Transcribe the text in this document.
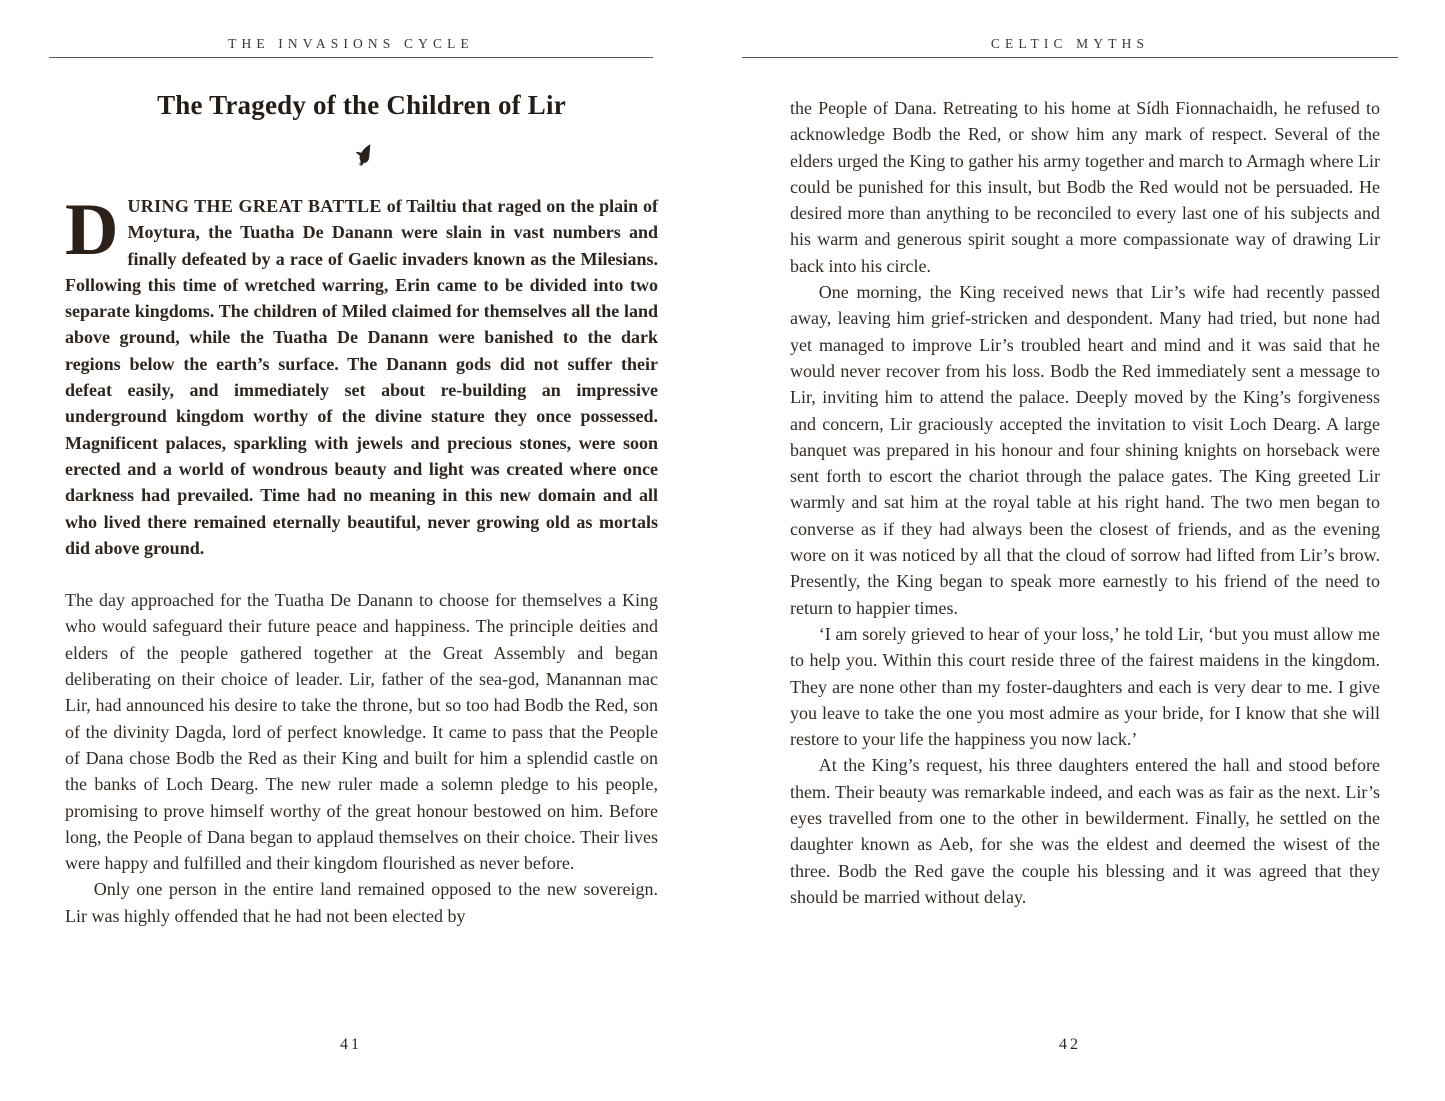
THE INVASIONS CYCLE
The Tragedy of the Children of Lir

DURING THE GREAT BATTLE of Tailtiu that raged on the plain of Moytura, the Tuatha De Danann were slain in vast numbers and finally defeated by a race of Gaelic invaders known as the Milesians. Following this time of wretched warring, Erin came to be divided into two separate kingdoms. The children of Miled claimed for themselves all the land above ground, while the Tuatha De Danann were banished to the dark regions below the earth’s surface. The Danann gods did not suffer their defeat easily, and immediately set about re-building an impressive underground kingdom worthy of the divine stature they once possessed. Magnificent palaces, sparkling with jewels and precious stones, were soon erected and a world of wondrous beauty and light was created where once darkness had prevailed. Time had no meaning in this new domain and all who lived there remained eternally beautiful, never growing old as mortals did above ground.

The day approached for the Tuatha De Danann to choose for themselves a King who would safeguard their future peace and happiness. The principle deities and elders of the people gathered together at the Great Assembly and began deliberating on their choice of leader. Lir, father of the sea-god, Manannan mac Lir, had announced his desire to take the throne, but so too had Bodb the Red, son of the divinity Dagda, lord of perfect knowledge. It came to pass that the People of Dana chose Bodb the Red as their King and built for him a splendid castle on the banks of Loch Dearg. The new ruler made a solemn pledge to his people, promising to prove himself worthy of the great honour bestowed on him. Before long, the People of Dana began to applaud themselves on their choice. Their lives were happy and fulfilled and their kingdom flourished as never before.

Only one person in the entire land remained opposed to the new sovereign. Lir was highly offended that he had not been elected by

41
CELTIC MYTHS

the People of Dana. Retreating to his home at Sídh Fionnachaidh, he refused to acknowledge Bodb the Red, or show him any mark of respect. Several of the elders urged the King to gather his army together and march to Armagh where Lir could be punished for this insult, but Bodb the Red would not be persuaded. He desired more than anything to be reconciled to every last one of his subjects and his warm and generous spirit sought a more compassionate way of drawing Lir back into his circle.

One morning, the King received news that Lir’s wife had recently passed away, leaving him grief-stricken and despondent. Many had tried, but none had yet managed to improve Lir’s troubled heart and mind and it was said that he would never recover from his loss. Bodb the Red immediately sent a message to Lir, inviting him to attend the palace. Deeply moved by the King’s forgiveness and concern, Lir graciously accepted the invitation to visit Loch Dearg. A large banquet was prepared in his honour and four shining knights on horseback were sent forth to escort the chariot through the palace gates. The King greeted Lir warmly and sat him at the royal table at his right hand. The two men began to converse as if they had always been the closest of friends, and as the evening wore on it was noticed by all that the cloud of sorrow had lifted from Lir’s brow. Presently, the King began to speak more earnestly to his friend of the need to return to happier times.

‘I am sorely grieved to hear of your loss,’ he told Lir, ‘but you must allow me to help you. Within this court reside three of the fairest maidens in the kingdom. They are none other than my foster-daughters and each is very dear to me. I give you leave to take the one you most admire as your bride, for I know that she will restore to your life the happiness you now lack.’

At the King’s request, his three daughters entered the hall and stood before them. Their beauty was remarkable indeed, and each was as fair as the next. Lir’s eyes travelled from one to the other in bewilderment. Finally, he settled on the daughter known as Aeb, for she was the eldest and deemed the wisest of the three. Bodb the Red gave the couple his blessing and it was agreed that they should be married without delay.

42
